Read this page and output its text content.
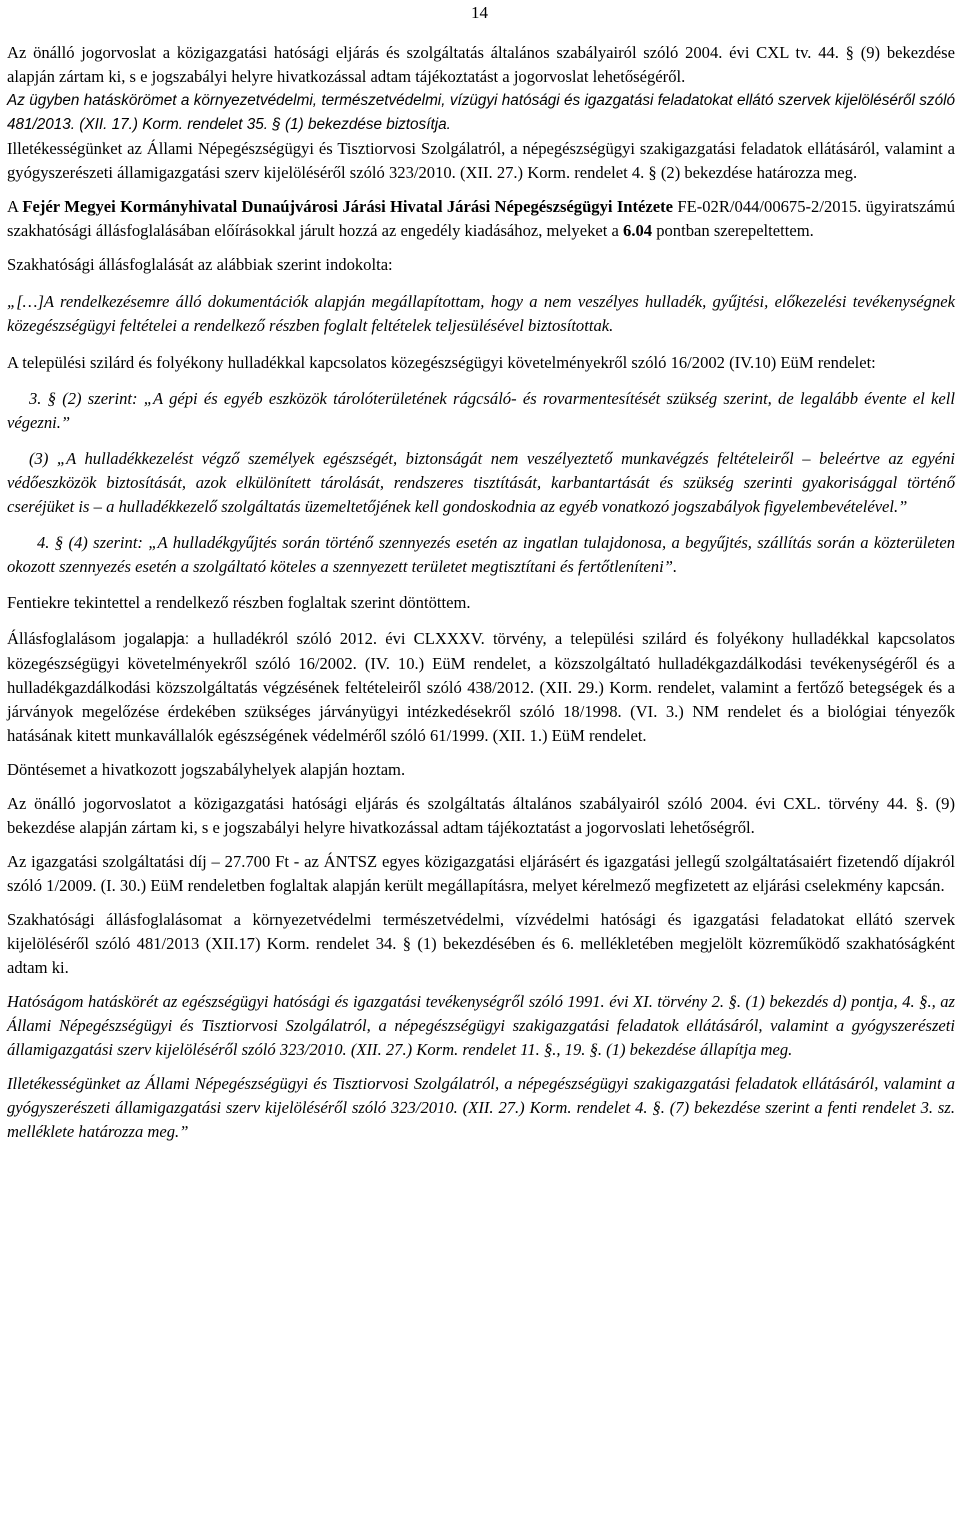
14

Az önálló jogorvoslat a közigazgatási hatósági eljárás és szolgáltatás általános szabályairól szóló 2004. évi CXL tv. 44. § (9) bekezdése alapján zártam ki, s e jogszabályi helyre hivatkozással adtam tájékoztatást a jogorvoslat lehetőségéről.

Az ügyben hatáskörömet a környezetvédelmi, természetvédelmi, vízügyi hatósági és igazgatási feladatokat ellátó szervek kijelöléséről szóló 481/2013. (XII. 17.) Korm. rendelet 35. § (1) bekezdése biztosítja.

Illetékességünket az Állami Népegészségügyi és Tisztiorvosi Szolgálatról, a népegészségügyi szakigazgatási feladatok ellátásáról, valamint a gyógyszerészeti államigazgatási szerv kijelöléséről szóló 323/2010. (XII. 27.) Korm. rendelet 4. § (2) bekezdése határozza meg.

A Fejér Megyei Kormányhivatal Dunaújvárosi Járási Hivatal Járási Népegészségügyi Intézete FE-02R/044/00675-2/2015. ügyiratszámú szakhatósági állásfoglalásában előírásokkal járult hozzá az engedély kiadásához, melyeket a 6.04 pontban szerepeltettem.

Szakhatósági állásfoglalását az alábbiak szerint indokolta:

„[…]A rendelkezésemre álló dokumentációk alapján megállapítottam, hogy a nem veszélyes hulladék, gyűjtési, előkezelési tevékenységnek közegészségügyi feltételei a rendelkező részben foglalt feltételek teljesülésével biztosítottak.

A települési szilárd és folyékony hulladékkal kapcsolatos közegészségügyi követelményekről szóló 16/2002 (IV.10) EüM rendelet:

3. § (2) szerint: „A gépi és egyéb eszközök tárolóterületének rágcsáló- és rovarmentesítését szükség szerint, de legalább évente el kell végezni.”

(3) „A hulladékkezelést végző személyek egészségét, biztonságát nem veszélyeztető munkavégzés feltételeiről – beleértve az egyéni védőeszközök biztosítását, azok elkülönített tárolását, rendszeres tisztítását, karbantartását és szükség szerinti gyakorisággal történő cseréjüket is – a hulladékkezelő szolgáltatás üzemeltetőjének kell gondoskodnia az egyéb vonatkozó jogszabályok figyelembevételével.”

4. § (4) szerint: „A hulladékgyűjtés során történő szennyezés esetén az ingatlan tulajdonosa, a begyűjtés, szállítás során a közterületen okozott szennyezés esetén a szolgáltató köteles a szennyezett területet megtisztítani és fertőtleníteni”.

Fentiekre tekintettel a rendelkező részben foglaltak szerint döntöttem.

Állásfoglalásom jogalapja: a hulladékról szóló 2012. évi CLXXXV. törvény, a települési szilárd és folyékony hulladékkal kapcsolatos közegészségügyi követelményekről szóló 16/2002. (IV. 10.) EüM rendelet, a közszolgáltató hulladékgazdálkodási tevékenységéről és a hulladékgazdálkodási közszolgáltatás végzésének feltételeiről szóló 438/2012. (XII. 29.) Korm. rendelet, valamint a fertőző betegségek és a járványok megelőzése érdekében szükséges járványügyi intézkedésekről szóló 18/1998. (VI. 3.) NM rendelet és a biológiai tényezők hatásának kitett munkavállalók egészségének védelméről szóló 61/1999. (XII. 1.) EüM rendelet.

Döntésemet a hivatkozott jogszabályhelyek alapján hoztam.

Az önálló jogorvoslatot a közigazgatási hatósági eljárás és szolgáltatás általános szabályairól szóló 2004. évi CXL. törvény 44. §. (9) bekezdése alapján zártam ki, s e jogszabályi helyre hivatkozással adtam tájékoztatást a jogorvoslati lehetőségről.

Az igazgatási szolgáltatási díj – 27.700 Ft - az ÁNTSZ egyes közigazgatási eljárásért és igazgatási jellegű szolgáltatásaiért fizetendő díjakról szóló 1/2009. (I. 30.) EüM rendeletben foglaltak alapján került megállapításra, melyet kérelmező megfizetett az eljárási cselekmény kapcsán.

Szakhatósági állásfoglalásomat a környezetvédelmi természetvédelmi, vízvédelmi hatósági és igazgatási feladatokat ellátó szervek kijelöléséről szóló 481/2013 (XII.17) Korm. rendelet 34. § (1) bekezdésében és 6. mellékletében megjelölt közreműködő szakhatóságként adtam ki.

Hatóságom hatáskörét az egészségügyi hatósági és igazgatási tevékenységről szóló 1991. évi XI. törvény 2. §. (1) bekezdés d) pontja, 4. §., az Állami Népegészségügyi és Tisztiorvosi Szolgálatról, a népegészségügyi szakigazgatási feladatok ellátásáról, valamint a gyógyszerészeti államigazgatási szerv kijelöléséről szóló 323/2010. (XII. 27.) Korm. rendelet 11. §., 19. §. (1) bekezdése állapítja meg.

Illetékességünket az Állami Népegészségügyi és Tisztiorvosi Szolgálatról, a népegészségügyi szakigazgatási feladatok ellátásáról, valamint a gyógyszerészeti államigazgatási szerv kijelöléséről szóló 323/2010. (XII. 27.) Korm. rendelet 4. §. (7) bekezdése szerint a fenti rendelet 3. sz. melléklete határozza meg.”
